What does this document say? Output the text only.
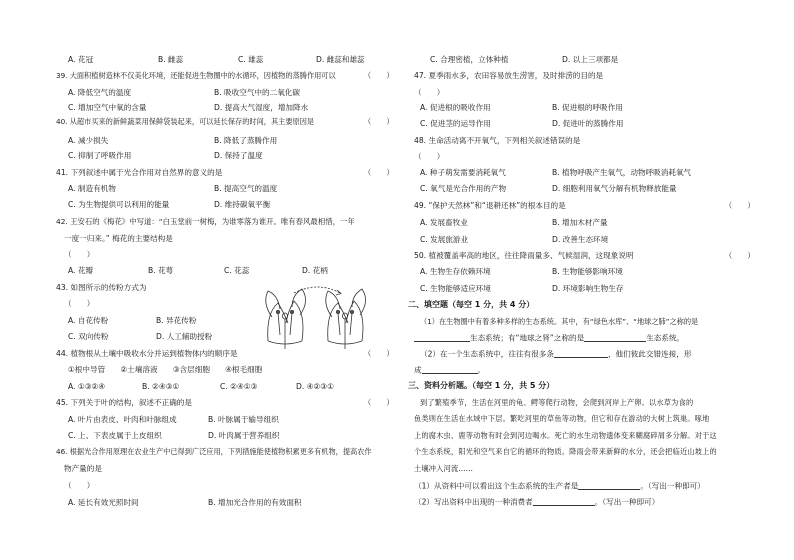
A. 花冠	B. 雌蕊	C. 雄蕊	D. 雌蕊和雄蕊
39. 大面积植树造林不仅美化环境，还能促进生物圈中的水循环，因植物的蒸腾作用可以	（　　）
A. 降低空气的温度	B. 吸收空气中的二氧化碳
C. 增加空气中氧的含量	D. 提高大气湿度，增加降水
40. 从超市买来的新鲜蔬菜用保鲜袋装起来，可以延长保存的时间，其主要原因是	（　　）
A. 减少损失	B. 降低了蒸腾作用
C. 抑制了呼吸作用	D. 保持了温度
41. 下列叙述中属于光合作用对自然界的意义的是	（　　）
A. 制造有机物	B. 提高空气的温度
C. 为生物提供可以利用的能量	D. 维持碳氧平衡
42. 王安石的《梅花》中写道：“白玉堂前一树梅，为谁零落为谁开。唯有春风最相惜，一年
一度一归来。” 梅花的主要结构是
（　　）
A. 花瓣	B. 花萼	C. 花蕊	D. 花柄
43. 如图所示的传粉方式为
（　　）
A. 自花传粉	B. 异花传粉
C. 双向传粉	D. 人工辅助授粉
44. 植物根从土壤中吸收水分并运到植物体内的顺序是	（　　）
①根中导管　　②土壤溶液　　③含层细胞　　④根毛细胞
A. ①③②④	B. ②④③①	C. ②④①③	D. ④②③①
45. 下列关于叶的结构，叙述不正确的是	（　　）
A. 叶片由表皮、叶肉和叶脉组成	B. 叶脉属于输导组织
C. 上、下表皮属于上皮组织	D. 叶肉属于营养组织
46. 根据光合作用原理在农业生产中已得到广泛应用，下列措施能使植物积累更多有机物，提高农作
物产量的是
（　　）
A. 延长有效光照时间	B. 增加光合作用的有效面积
C. 合理密植，立体种植	D. 以上三项都是
47. 夏季雨水多，农田容易放生涝害，及时排涝的目的是
（　　）
A. 促进根的吸收作用	B. 促进根的呼吸作用
C. 促进茎的运导作用	D. 促进叶的蒸腾作用
48. 生命活动离不开氧气，下列相关叙述错误的是
（　　）
A. 种子萌发需要消耗氧气	B. 植物呼吸产生氧气，动物呼吸消耗氧气
C. 氧气是光合作用的产物	D. 细胞利用氧气分解有机物释放能量
49. “保护天然林”和“退耕还林”的根本目的是	（　　）
A. 发展畜牧业	B. 增加木材产量
C. 发展旅游业	D. 改善生态环境
50. 植被覆盖率高的地区，往往降雨量多、气候湿润，这现象说明	（　　）
A. 生物生存依赖环境	B. 生物能够影响环境
C. 生物能够适应环境	D. 环境影响生物生存
二、填空题（每空 1 分，共 4 分）
（1）在生物圈中有着多种多样的生态系统。其中，有“绿色水库”、“地球之肺”之称的是
生态系统；有“地球之肾”之称的是	生态系统。
（2）在一个生态系统中，往往有很多条	，他们彼此交错连接，形
成	。
三、资料分析题。（每空 1 分，共 5 分）
到了繁殖季节，生活在河里的龟、鳄等爬行动物，会爬到河岸上产卵。以水草为食的
鱼类则在生活在水域中下层。繁吃河里的草鱼等动物，但它和存在游动的大树上筑巢。啄地
上的腐木虫、鹿等动物有时会到河边喝水。死亡的水生动物遗体变来糊腐碎屑多分解。对于这
个生态系统，阳光和空气来自它的循环的物质。降雨会带来新鲜的水分，还会把临近山坡上的
土壤冲入河流……
（1）从资料中可以看出这个生态系统的生产者是	。（写出一种即可）
（2）写出资料中出现的一种消费者	。（写出一种即可）
